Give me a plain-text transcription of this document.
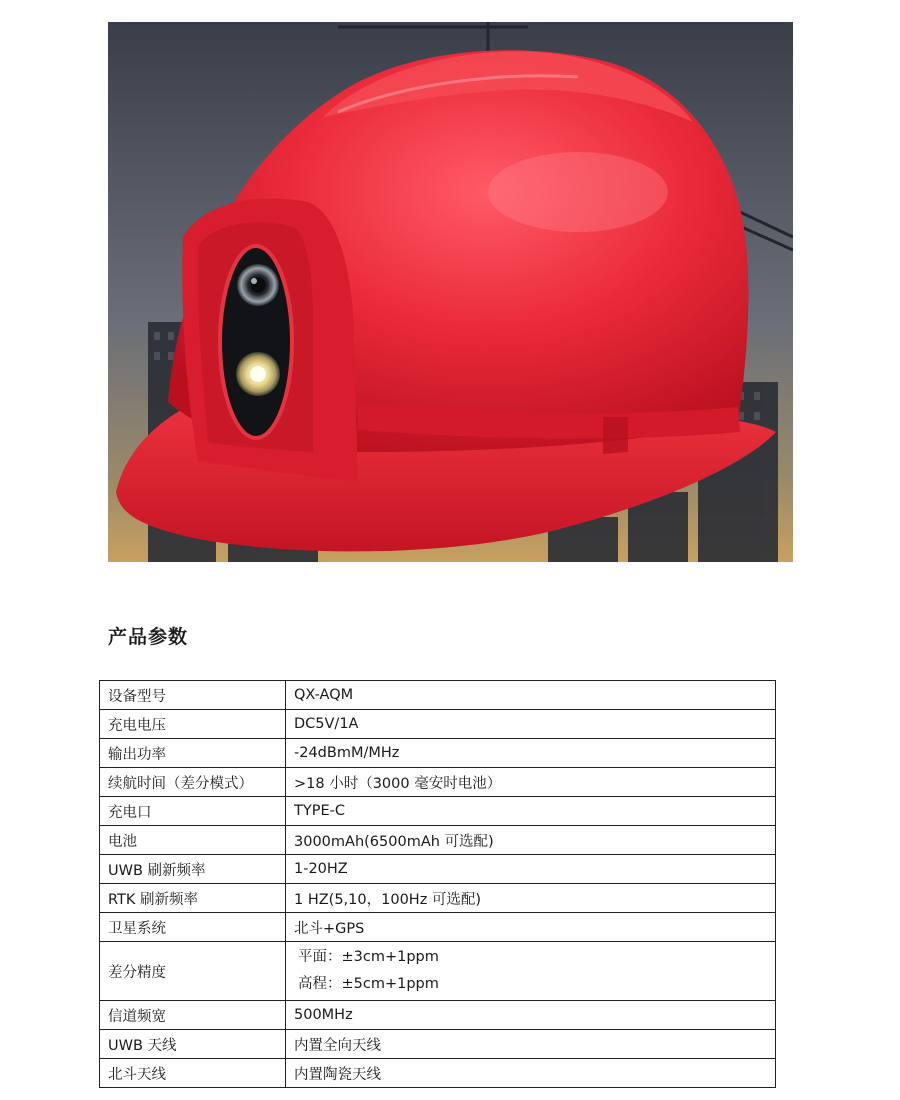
产品参数
设备型号	QX-AQM
充电电压	DC5V/1A
输出功率	-24dBmM/MHz
续航时间（差分模式）	>18 小时（3000 毫安时电池）
充电口	TYPE-C
电池	3000mAh(6500mAh 可选配)
UWB 刷新频率	1-20HZ
RTK 刷新频率	1 HZ(5,10，100Hz 可选配)
卫星系统	北斗+GPS
差分精度	平面：±3cm+1ppm
高程：±5cm+1ppm

信道频宽	500MHz
UWB 天线	内置全向天线
北斗天线	内置陶瓷天线
